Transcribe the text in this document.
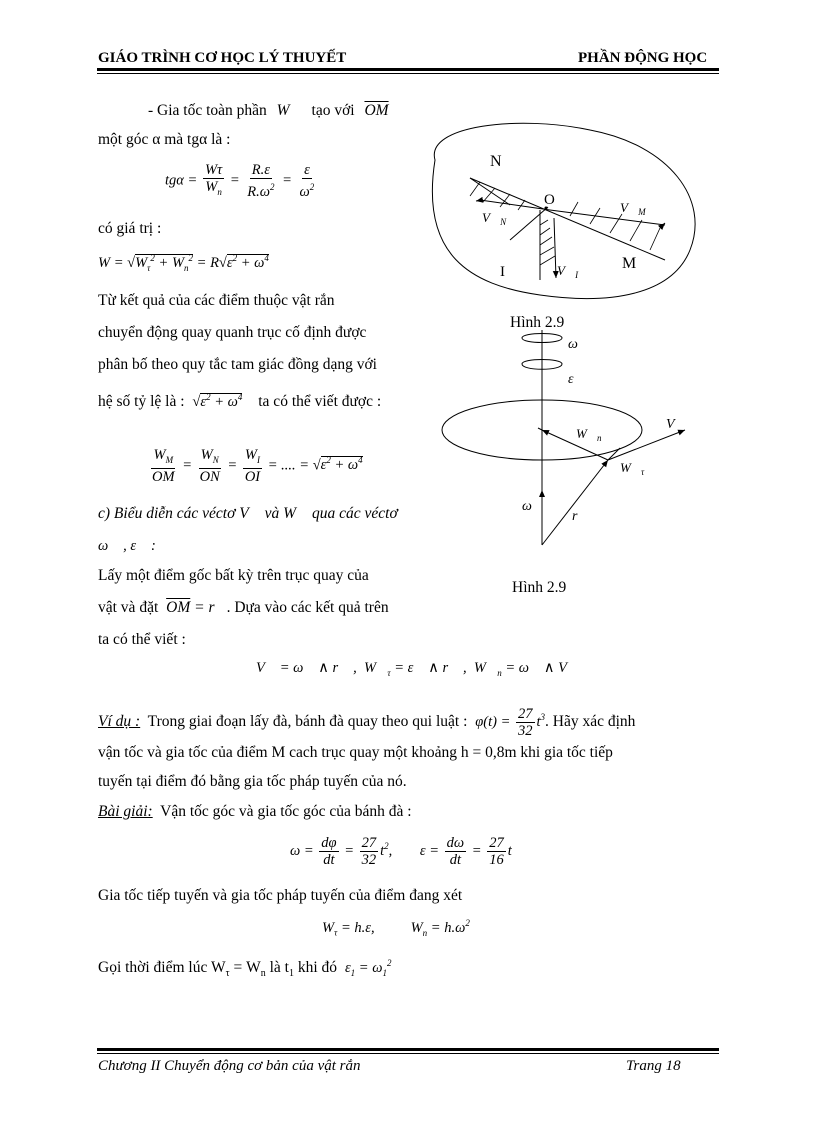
GIÁO TRÌNH CƠ HỌC LÝ THUYẾT	PHẦN ĐỘNG HỌC
- Gia tốc toàn phần W⃗ tạo với $\overline{OM}$
một góc α mà tgα là :
$tg\alpha = \frac{W\tau}{W_n} = \frac{R.\varepsilon}{R.\omega^2} = \frac{\varepsilon}{\omega^2}$
có giá trị :
$W = √W_\tau^2 + W_n^2 = R√\varepsilon^2 + \omega^4$
Từ kết quả của các điểm thuộc vật rắn
chuyển động quay quanh trục cố định được
phân bố theo quy tắc tam giác đồng dạng với
hệ số tỷ lệ là : $√\varepsilon^2 + \omega^4$ ta có thể viết được :
$\frac{W_M}{OM} = \frac{W_N}{ON} = \frac{W_I}{OI}$ = .... = $√\varepsilon^2 + \omega^4$
c) Biểu diễn các véctơ V⃗ và W⃗ qua các véctơ
ω⃗ , ε⃗ :
Lấy một điểm gốc bất kỳ trên trục quay của
vật và đặt $\overline{OM}$ = r⃗. Dựa vào các kết quả trên
ta có thể viết :
V⃗ = ω⃗ ∧ r⃗ ,  $W⃗_\tau$ = ε⃗ ∧ r⃗ ,  $W⃗_n$ = ω⃗ ∧ V⃗
Ví dụ : Trong giai đoạn lấy đà, bánh đà quay theo qui luật : $\varphi(t) = \frac{27}{32} t^3$. Hãy xác định
vận tốc và gia tốc của điểm M cach trục quay một khoảng h = 0,8m khi gia tốc tiếp
tuyến tại điểm đó bằng gia tốc pháp tuyến của nó.
Bài giải: Vận tốc góc và gia tốc góc của bánh đà :
$\omega = \frac{d\varphi}{dt} = \frac{27}{32} t^2$, $\varepsilon = \frac{d\omega}{dt} = \frac{27}{16}$ t
Gia tốc tiếp tuyến và gia tốc pháp tuyến của điểm đang xét
$W_\tau = h.\varepsilon$, $W_n = h.\omega^2$
Gọi thời điểm lúc $W_\tau = W_n$ là $t_1$ khi đó $\varepsilon_1 = \omega_1^2$
N
O
I	M
$V⃗_M$
$V⃗_N$
$V⃗_I$
Hình 2.9
ω
ε
$W⃗_n$
V⃗
$W⃗_\tau$
ω⃗
r⃗
Hình 2.9
Chương II Chuyển động cơ bản của vật rắn	Trang 18
